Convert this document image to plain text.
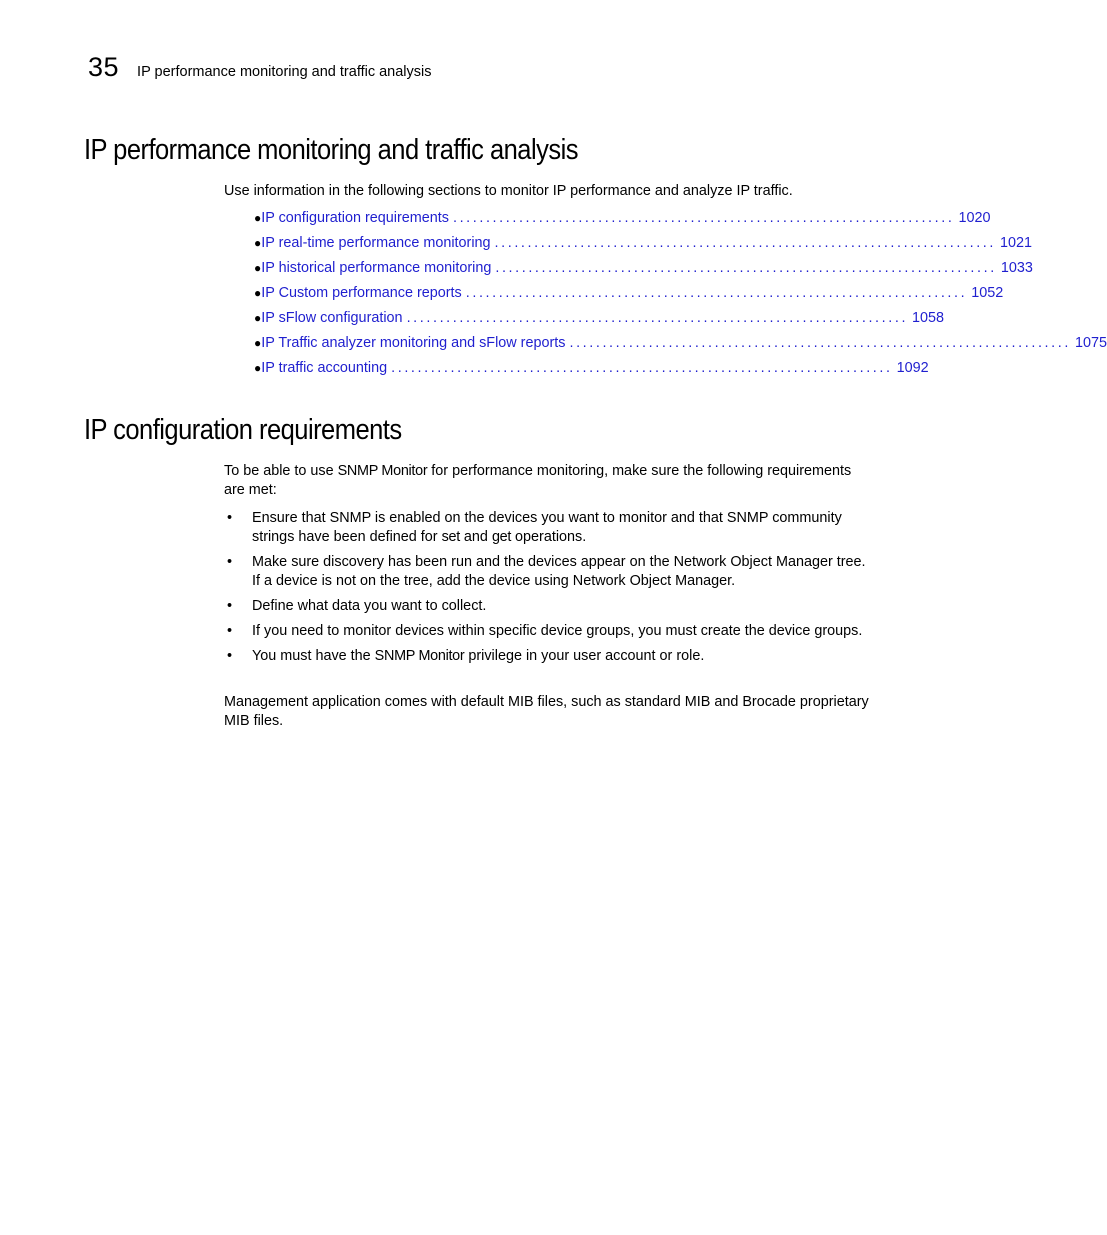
35 IP performance monitoring and traffic analysis
IP performance monitoring and traffic analysis

Use information in the following sections to monitor IP performance and analyze IP traffic.

● IP configuration requirements ............................................................................ 1020
● IP real-time performance monitoring ............................................................................ 1021
● IP historical performance monitoring ............................................................................ 1033
● IP Custom performance reports ............................................................................ 1052
● IP sFlow configuration ............................................................................ 1058
● IP Traffic analyzer monitoring and sFlow reports ............................................................................ 1075
● IP traffic accounting ............................................................................ 1092
IP configuration requirements

To be able to use SNMP Monitor for performance monitoring, make sure the following requirements are met:

• Ensure that SNMP is enabled on the devices you want to monitor and that SNMP community strings have been defined for set and get operations.
• Make sure discovery has been run and the devices appear on the Network Object Manager tree. If a device is not on the tree, add the device using Network Object Manager.
• Define what data you want to collect.
• If you need to monitor devices within specific device groups, you must create the device groups.
• You must have the SNMP Monitor privilege in your user account or role.

Management application comes with default MIB files, such as standard MIB and Brocade proprietary MIB files.
